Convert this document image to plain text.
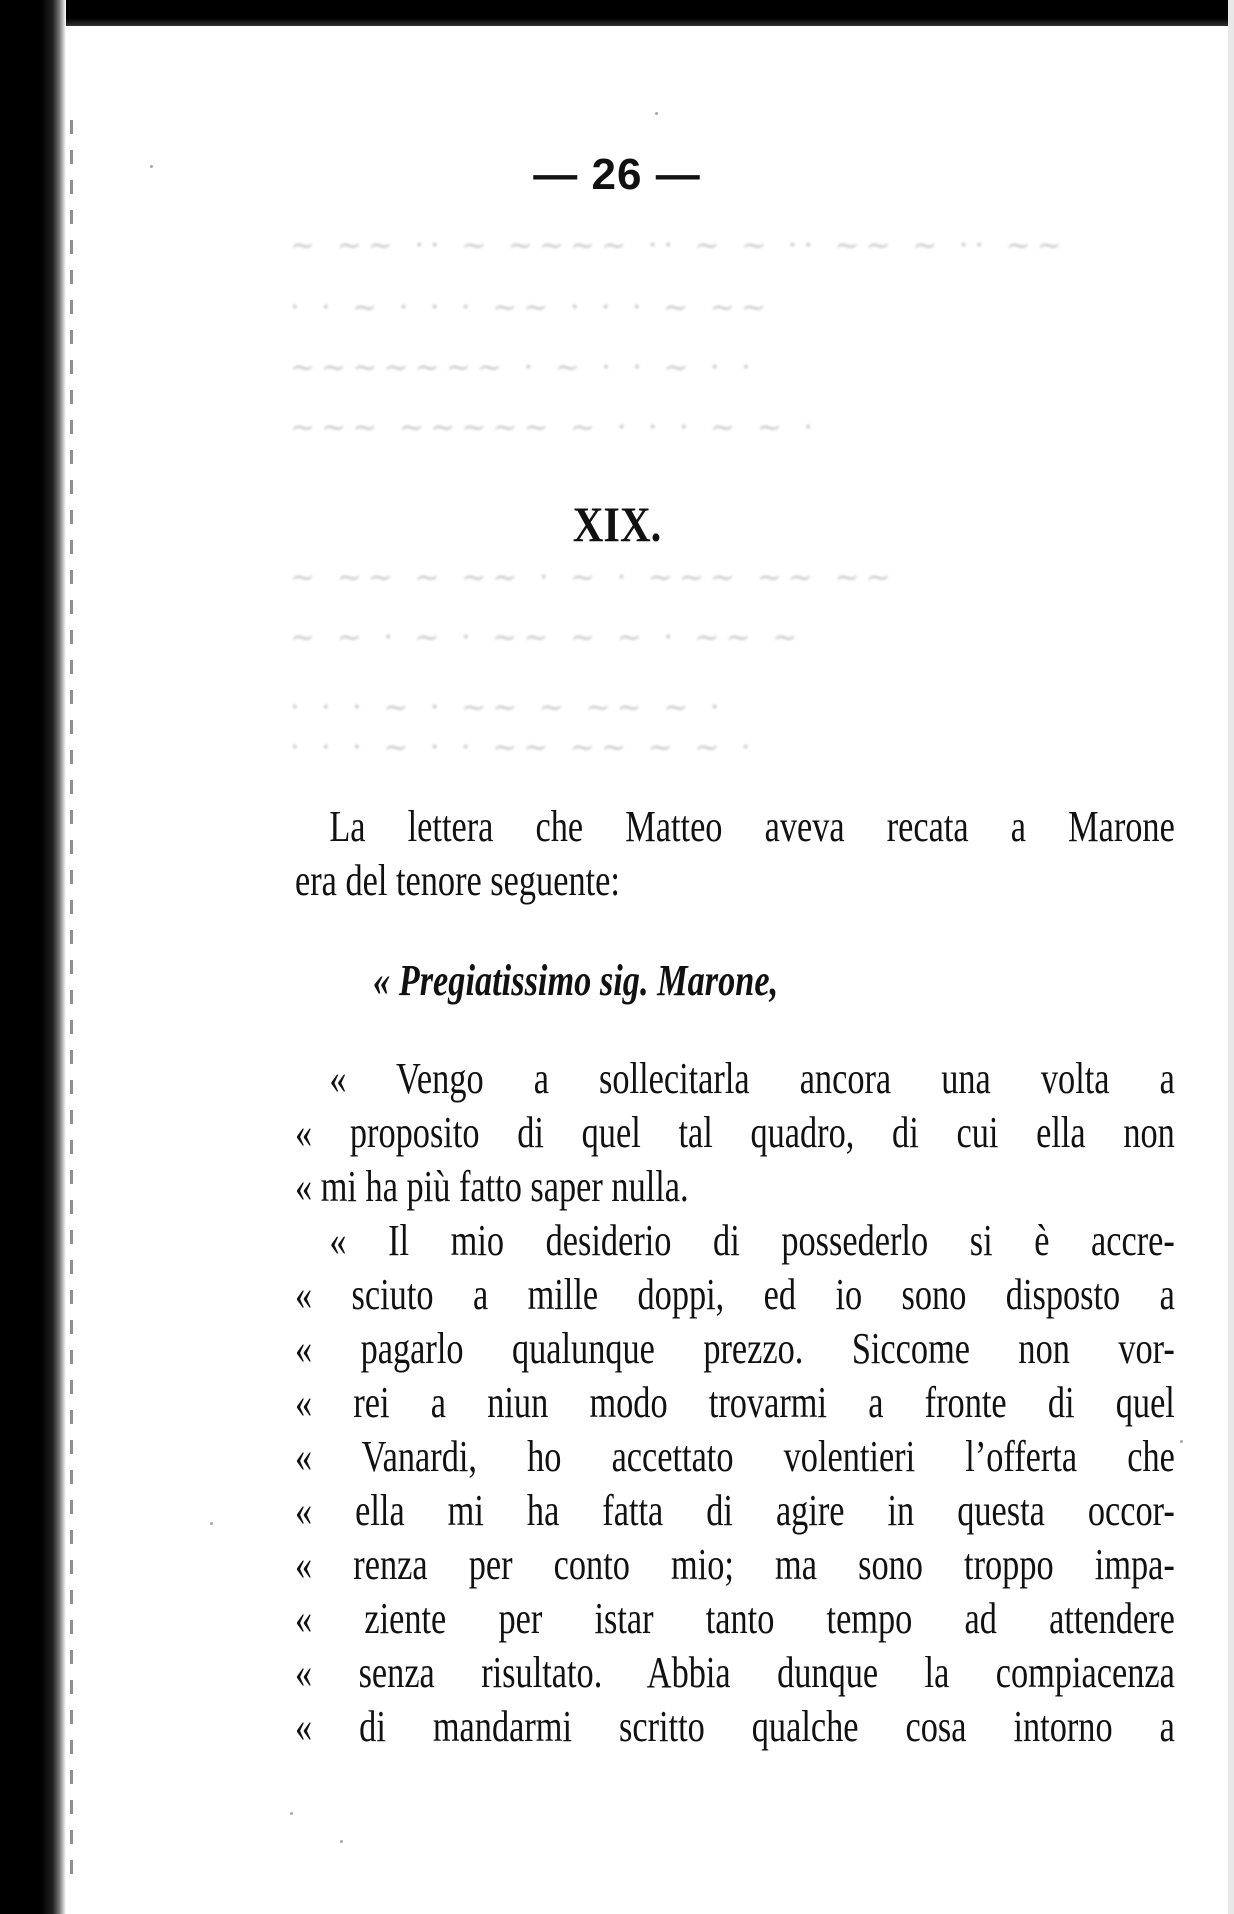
— 26 —
~ ~~ ·· ~ ~~~~ ·· ~ ~ ·· ~~ ~ ·· ~~
· · ~ · · · ~~ · · · ~ ~~
~~~~~~~ · ~ · · ~ · ·
~~~ ~~~~~ ~ · · · ~ ~ ·
~ ~~ ~ ~~ · ~ · ~~~ ~~ ~~
~ ~ · ~ · ~~ ~ ~ · ~~ ~
· · · ~ · ~~ ~ ~~ ~ ·
· · · ~ · · ~~ ~~ ~ ~ ·
XIX.
La lettera che Matteo aveva recata a Marone
era del tenore seguente:
« Pregiatissimo sig. Marone,
« Vengo a sollecitarla ancora una volta a
« proposito di quel tal quadro, di cui ella non
« mi ha più fatto saper nulla.
« Il mio desiderio di possederlo si è accre-
« sciuto a mille doppi, ed io sono disposto a
« pagarlo qualunque prezzo. Siccome non vor-
« rei a niun modo trovarmi a fronte di quel
« Vanardi, ho accettato volentieri l’offerta che
« ella mi ha fatta di agire in questa occor-
« renza per conto mio; ma sono troppo impa-
« ziente per istar tanto tempo ad attendere
« senza risultato. Abbia dunque la compiacenza
« di mandarmi scritto qualche cosa intorno a
